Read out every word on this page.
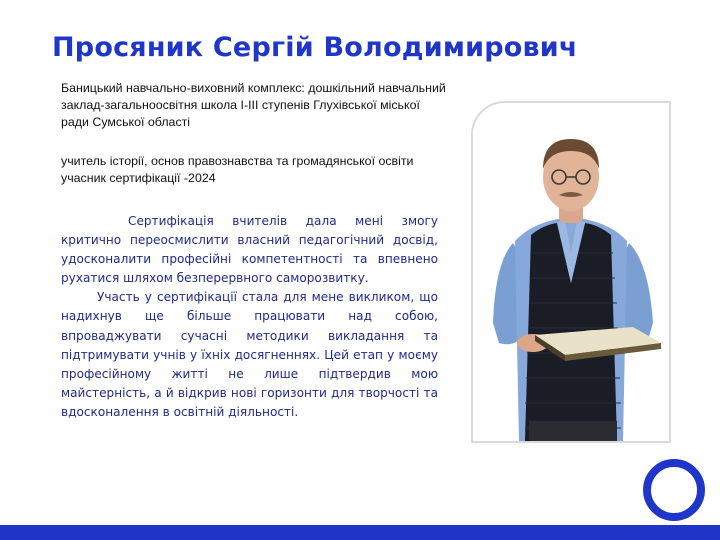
Просяник Сергій Володимирович

Баницький навчально-виховний комплекс: дошкільний навчальний

заклад-загальноосвітня школа І-ІІІ ступенів Глухівської міської

ради Сумської області

учитель історії, основ правознавства та громадянської освіти

учасник сертифікації -2024

Сертифікація вчителів дала мені змогу критично переосмислити власний педагогічний досвід, удосконалити професійні компетентності та впевнено рухатися шляхом безперервного саморозвитку.

Участь у сертифікації стала для мене викликом, що надихнув ще більше працювати над собою, впроваджувати сучасні методики викладання та підтримувати учнів у їхніх досягненнях. Цей етап у моєму професійному житті не лише підтвердив мою майстерність, а й відкрив нові горизонти для творчості та вдосконалення в освітній діяльності.
